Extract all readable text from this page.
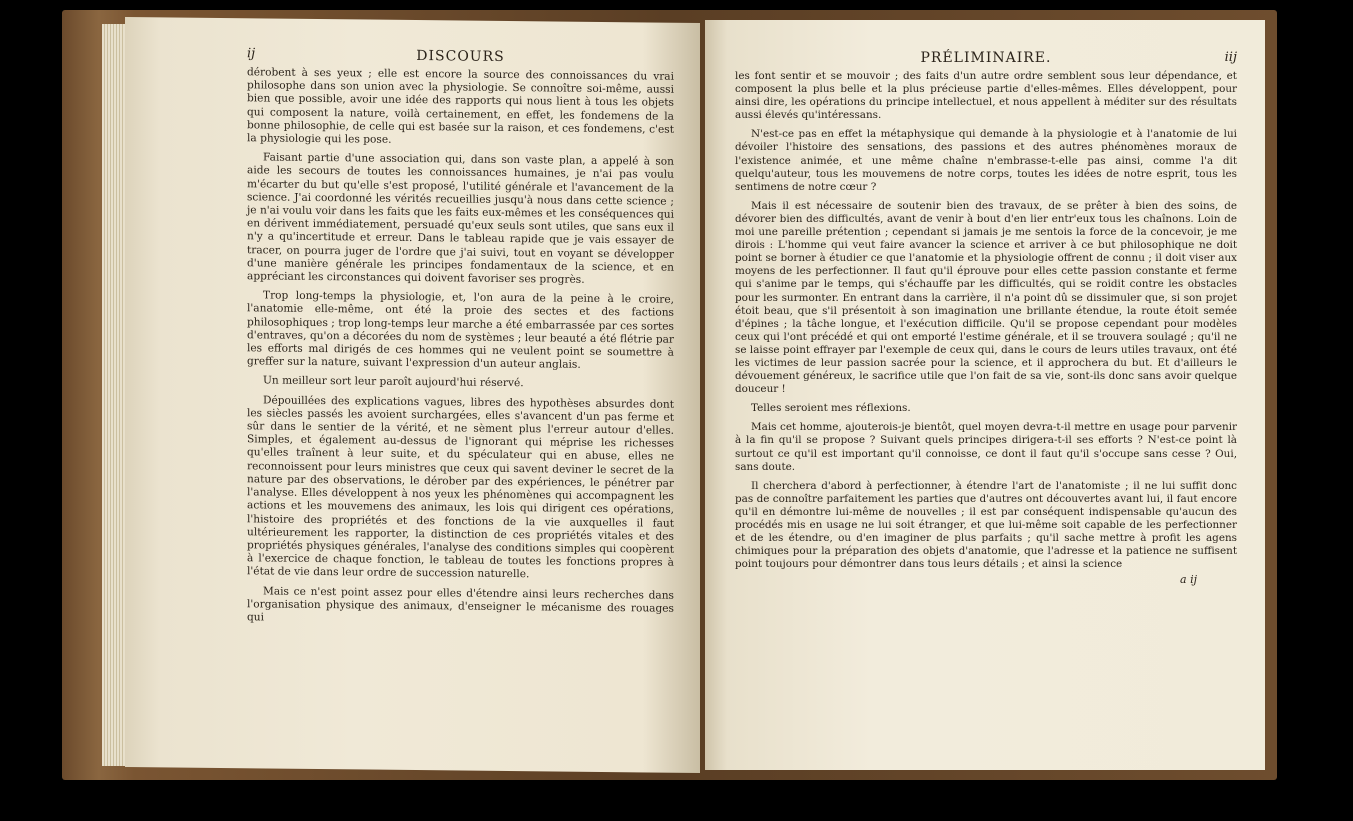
ij	DISCOURS

dérobent à ses yeux ; elle est encore la source des connoissances du vrai philosophe dans son union avec la physiologie. Se connoître soi-même, aussi bien que possible, avoir une idée des rapports qui nous lient à tous les objets qui composent la nature, voilà certainement, en effet, les fondemens de la bonne philosophie, de celle qui est basée sur la raison, et ces fondemens, c'est la physiologie qui les pose.

Faisant partie d'une association qui, dans son vaste plan, a appelé à son aide les secours de toutes les connoissances humaines, je n'ai pas voulu m'écarter du but qu'elle s'est proposé, l'utilité générale et l'avancement de la science. J'ai coordonné les vérités recueillies jusqu'à nous dans cette science ; je n'ai voulu voir dans les faits que les faits eux-mêmes et les conséquences qui en dérivent immédiatement, persuadé qu'eux seuls sont utiles, que sans eux il n'y a qu'incertitude et erreur. Dans le tableau rapide que je vais essayer de tracer, on pourra juger de l'ordre que j'ai suivi, tout en voyant se développer d'une manière générale les principes fondamentaux de la science, et en appréciant les circonstances qui doivent favoriser ses progrès.

Trop long-temps la physiologie, et, l'on aura de la peine à le croire, l'anatomie elle-même, ont été la proie des sectes et des factions philosophiques ; trop long-temps leur marche a été embarrassée par ces sortes d'entraves, qu'on a décorées du nom de systèmes ; leur beauté a été flétrie par les efforts mal dirigés de ces hommes qui ne veulent point se soumettre à greffer sur la nature, suivant l'expression d'un auteur anglais.

Un meilleur sort leur paroît aujourd'hui réservé.

Dépouillées des explications vagues, libres des hypothèses absurdes dont les siècles passés les avoient surchargées, elles s'avancent d'un pas ferme et sûr dans le sentier de la vérité, et ne sèment plus l'erreur autour d'elles. Simples, et également au-dessus de l'ignorant qui méprise les richesses qu'elles traînent à leur suite, et du spéculateur qui en abuse, elles ne reconnoissent pour leurs ministres que ceux qui savent deviner le secret de la nature par des observations, le dérober par des expériences, le pénétrer par l'analyse. Elles développent à nos yeux les phénomènes qui accompagnent les actions et les mouvemens des animaux, les lois qui dirigent ces opérations, l'histoire des propriétés et des fonctions de la vie auxquelles il faut ultérieurement les rapporter, la distinction de ces propriétés vitales et des propriétés physiques générales, l'analyse des conditions simples qui coopèrent à l'exercice de chaque fonction, le tableau de toutes les fonctions propres à l'état de vie dans leur ordre de succession naturelle.

Mais ce n'est point assez pour elles d'étendre ainsi leurs recherches dans l'organisation physique des animaux, d'enseigner le mécanisme des rouages qui

PRÉLIMINAIRE.	iij

les font sentir et se mouvoir ; des faits d'un autre ordre semblent sous leur dépendance, et composent la plus belle et la plus précieuse partie d'elles-mêmes. Elles développent, pour ainsi dire, les opérations du principe intellectuel, et nous appellent à méditer sur des résultats aussi élevés qu'intéressans.

N'est-ce pas en effet la métaphysique qui demande à la physiologie et à l'anatomie de lui dévoiler l'histoire des sensations, des passions et des autres phénomènes moraux de l'existence animée, et une même chaîne n'embrasse-t-elle pas ainsi, comme l'a dit quelqu'auteur, tous les mouvemens de notre corps, toutes les idées de notre esprit, tous les sentimens de notre cœur ?

Mais il est nécessaire de soutenir bien des travaux, de se prêter à bien des soins, de dévorer bien des difficultés, avant de venir à bout d'en lier entr'eux tous les chaînons. Loin de moi une pareille prétention ; cependant si jamais je me sentois la force de la concevoir, je me dirois : L'homme qui veut faire avancer la science et arriver à ce but philosophique ne doit point se borner à étudier ce que l'anatomie et la physiologie offrent de connu ; il doit viser aux moyens de les perfectionner. Il faut qu'il éprouve pour elles cette passion constante et ferme qui s'anime par le temps, qui s'échauffe par les difficultés, qui se roidit contre les obstacles pour les surmonter. En entrant dans la carrière, il n'a point dû se dissimuler que, si son projet étoit beau, que s'il présentoit à son imagination une brillante étendue, la route étoit semée d'épines ; la tâche longue, et l'exécution difficile. Qu'il se propose cependant pour modèles ceux qui l'ont précédé et qui ont emporté l'estime générale, et il se trouvera soulagé ; qu'il ne se laisse point effrayer par l'exemple de ceux qui, dans le cours de leurs utiles travaux, ont été les victimes de leur passion sacrée pour la science, et il approchera du but. Et d'ailleurs le dévouement généreux, le sacrifice utile que l'on fait de sa vie, sont-ils donc sans avoir quelque douceur !

Telles seroient mes réflexions.

Mais cet homme, ajouterois-je bientôt, quel moyen devra-t-il mettre en usage pour parvenir à la fin qu'il se propose ? Suivant quels principes dirigera-t-il ses efforts ? N'est-ce point là surtout ce qu'il est important qu'il connoisse, ce dont il faut qu'il s'occupe sans cesse ? Oui, sans doute.

Il cherchera d'abord à perfectionner, à étendre l'art de l'anatomiste ; il ne lui suffit donc pas de connoître parfaitement les parties que d'autres ont découvertes avant lui, il faut encore qu'il en démontre lui-même de nouvelles ; il est par conséquent indispensable qu'aucun des procédés mis en usage ne lui soit étranger, et que lui-même soit capable de les perfectionner et de les étendre, ou d'en imaginer de plus parfaits ; qu'il sache mettre à profit les agens chimiques pour la préparation des objets d'anatomie, que l'adresse et la patience ne suffisent point toujours pour démontrer dans tous leurs détails ; et ainsi la science

a ij
